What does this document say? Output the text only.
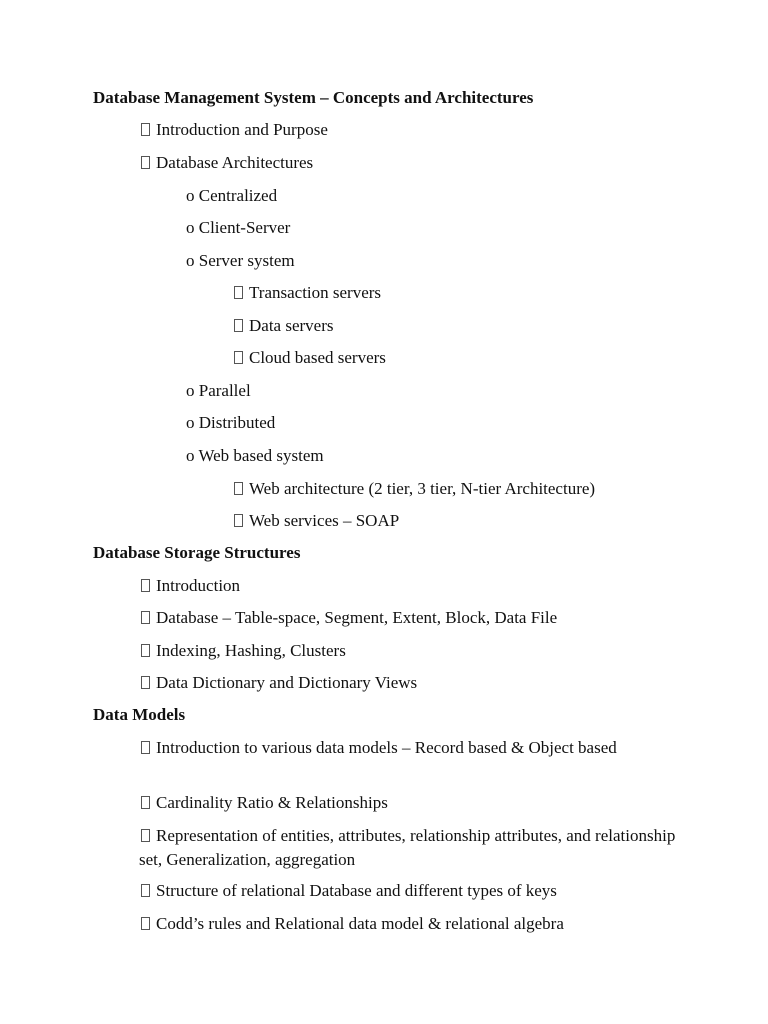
Database Management System – Concepts and Architectures
Introduction and Purpose
Database Architectures
o Centralized
o Client-Server
o Server system
Transaction servers
Data servers
Cloud based servers
o Parallel
o Distributed
o Web based system
Web architecture (2 tier, 3 tier, N-tier Architecture)
Web services – SOAP
Database Storage Structures
Introduction
Database – Table-space, Segment, Extent, Block, Data File
Indexing, Hashing, Clusters
Data Dictionary and Dictionary Views
Data Models
Introduction to various data models – Record based & Object based
Cardinality Ratio & Relationships
Representation of entities, attributes, relationship attributes, and relationship set, Generalization, aggregation
Structure of relational Database and different types of keys
Codd’s rules and Relational data model & relational algebra
